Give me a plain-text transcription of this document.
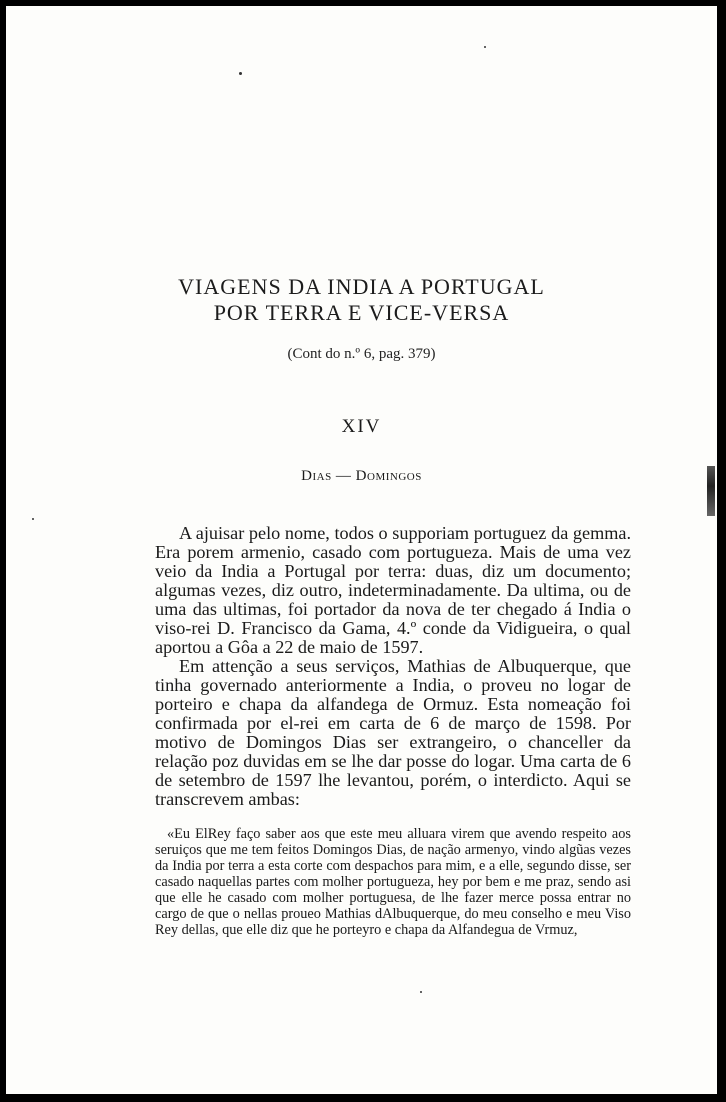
VIAGENS DA INDIA A PORTUGAL
POR TERRA E VICE-VERSA
(Cont do n.º 6, pag. 379)
XIV
Dias — Domingos

A ajuisar pelo nome, todos o supporiam portuguez da gemma. Era porem armenio, casado com portugueza. Mais de uma vez veio da India a Portugal por terra: duas, diz um documento; algumas vezes, diz outro, indeterminadamente. Da ultima, ou de uma das ultimas, foi portador da nova de ter chegado á India o viso-rei D. Francisco da Gama, 4.º conde da Vidigueira, o qual aportou a Gôa a 22 de maio de 1597.

Em attenção a seus serviços, Mathias de Albuquerque, que tinha governado anteriormente a India, o proveu no logar de porteiro e chapa da alfandega de Ormuz. Esta nomeação foi confirmada por el-rei em carta de 6 de março de 1598. Por motivo de Domingos Dias ser extrangeiro, o chanceller da relação poz duvidas em se lhe dar posse do logar. Uma carta de 6 de setembro de 1597 lhe levantou, porém, o interdicto. Aqui se transcrevem ambas:

«Eu ElRey faço saber aos que este meu alluara virem que avendo respeito aos seruiços que me tem feitos Domingos Dias, de nação armenyo, vindo algũas vezes da India por terra a esta corte com despachos para mim, e a elle, segundo disse, ser casado naquellas partes com molher portugueza, hey por bem e me praz, sendo asi que elle he casado com molher portuguesa, de lhe fazer merce possa entrar no cargo de que o nellas proueo Mathias dAlbuquerque, do meu conselho e meu Viso Rey dellas, que elle diz que he porteyro e chapa da Alfandegua de Vrmuz,
